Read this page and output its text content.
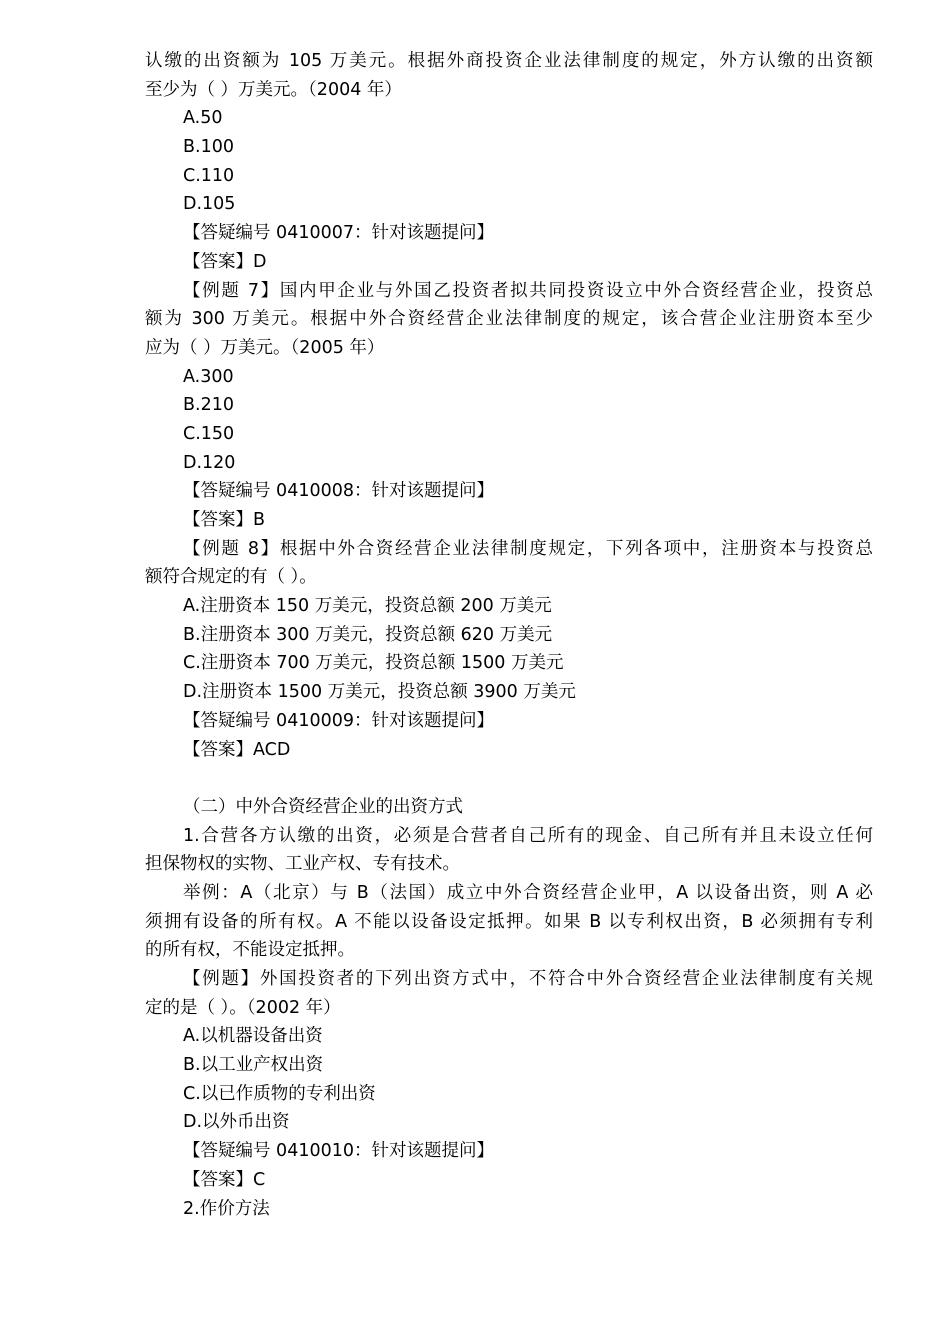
认缴的出资额为 105 万美元。根据外商投资企业法律制度的规定，外方认缴的出资额
至少为（ ）万美元。（2004 年）
A.50
B.100
C.110
D.105
【答疑编号 0410007：针对该题提问】
【答案】D
【例题 7】国内甲企业与外国乙投资者拟共同投资设立中外合资经营企业，投资总
额为 300 万美元。根据中外合资经营企业法律制度的规定，该合营企业注册资本至少
应为（ ）万美元。（2005 年）
A.300
B.210
C.150
D.120
【答疑编号 0410008：针对该题提问】
【答案】B
【例题 8】根据中外合资经营企业法律制度规定，下列各项中，注册资本与投资总
额符合规定的有（ ）。
A.注册资本 150 万美元，投资总额 200 万美元
B.注册资本 300 万美元，投资总额 620 万美元
C.注册资本 700 万美元，投资总额 1500 万美元
D.注册资本 1500 万美元，投资总额 3900 万美元
【答疑编号 0410009：针对该题提问】
【答案】ACD
（二）中外合资经营企业的出资方式
1.合营各方认缴的出资，必须是合营者自己所有的现金、自己所有并且未设立任何
担保物权的实物、工业产权、专有技术。
举例：A（北京）与 B（法国）成立中外合资经营企业甲，A 以设备出资，则 A 必
须拥有设备的所有权。A 不能以设备设定抵押。如果 B 以专利权出资，B 必须拥有专利
的所有权，不能设定抵押。
【例题】外国投资者的下列出资方式中，不符合中外合资经营企业法律制度有关规
定的是（ ）。（2002 年）
A.以机器设备出资
B.以工业产权出资
C.以已作质物的专利出资
D.以外币出资
【答疑编号 0410010：针对该题提问】
【答案】C
2.作价方法
